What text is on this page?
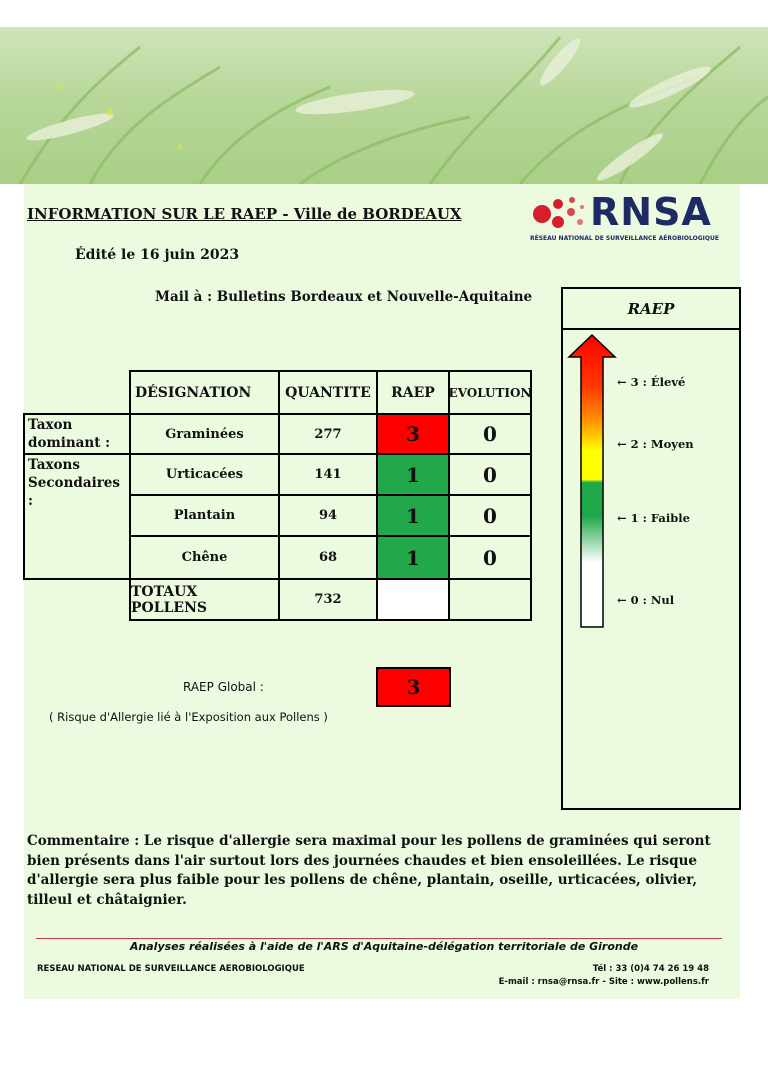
INFORMATION SUR LE RAEP - Ville de BORDEAUX
Édité le 16 juin 2023
Mail à : Bulletins Bordeaux et Nouvelle-Aquitaine
RNSA
RÉSEAU NATIONAL DE SURVEILLANCE AÉROBIOLOGIQUE
DÉSIGNATION	QUANTITE	RAEP	EVOLUTION
Taxon dominant :
Taxons Secondaires :
Graminées	277	3	0
Urticacées	141	1	0
Plantain	94	1	0
Chêne	68	1	0
TOTAUX POLLENS	732
RAEP Global :	3
( Risque d'Allergie lié à l'Exposition aux Pollens )
RAEP
← 3 : Élevé
← 2 : Moyen
← 1 : Faible
← 0 : Nul
Commentaire : Le risque d'allergie sera maximal pour les pollens de graminées qui seront bien présents dans l'air surtout lors des journées chaudes et bien ensoleillées. Le risque d'allergie sera plus faible pour les pollens de chêne, plantain, oseille, urticacées, olivier, tilleul et châtaignier.
Analyses réalisées à l'aide de l'ARS d'Aquitaine-délégation territoriale de Gironde
RESEAU NATIONAL DE SURVEILLANCE AEROBIOLOGIQUE	Tél : 33 (0)4 74 26 19 48
E-mail : rnsa@rnsa.fr - Site : www.pollens.fr
